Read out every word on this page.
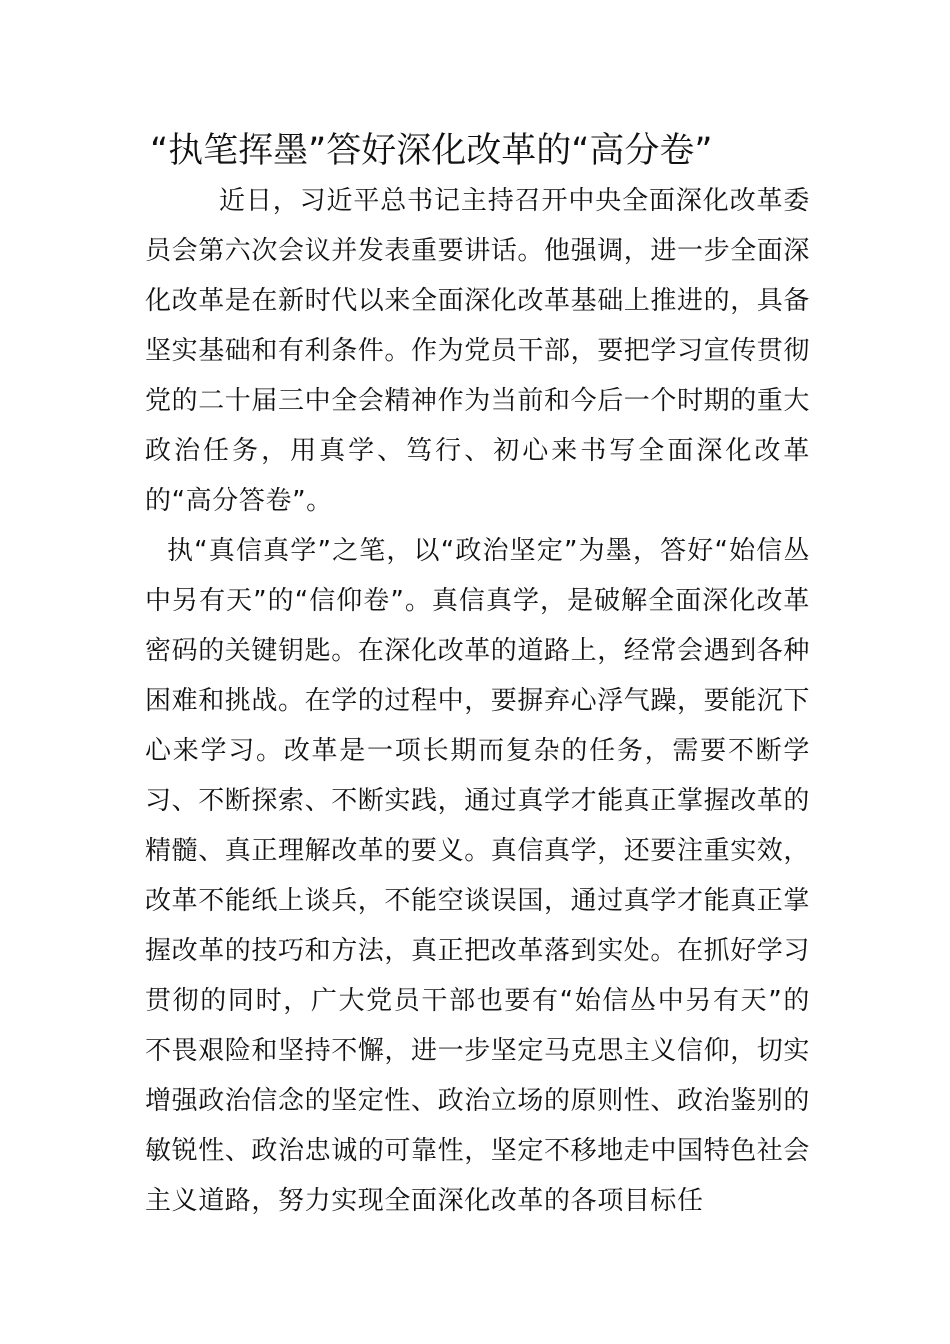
“执笔挥墨”答好深化改革的“高分卷”

近日，习近平总书记主持召开中央全面深化改革委员会第六次会议并发表重要讲话。他强调，进一步全面深化改革是在新时代以来全面深化改革基础上推进的，具备坚实基础和有利条件。作为党员干部，要把学习宣传贯彻党的二十届三中全会精神作为当前和今后一个时期的重大政治任务，用真学、笃行、初心来书写全面深化改革的“高分答卷”。

执“真信真学”之笔，以“政治坚定”为墨，答好“始信丛中另有天”的“信仰卷”。真信真学，是破解全面深化改革密码的关键钥匙。在深化改革的道路上，经常会遇到各种困难和挑战。在学的过程中，要摒弃心浮气躁，要能沉下心来学习。改革是一项长期而复杂的任务，需要不断学习、不断探索、不断实践，通过真学才能真正掌握改革的精髓、真正理解改革的要义。真信真学，还要注重实效，改革不能纸上谈兵，不能空谈误国，通过真学才能真正掌握改革的技巧和方法，真正把改革落到实处。在抓好学习贯彻的同时，广大党员干部也要有“始信丛中另有天”的不畏艰险和坚持不懈，进一步坚定马克思主义信仰，切实增强政治信念的坚定性、政治立场的原则性、政治鉴别的敏锐性、政治忠诚的可靠性，坚定不移地走中国特色社会主义道路，努力实现全面深化改革的各项目标任
